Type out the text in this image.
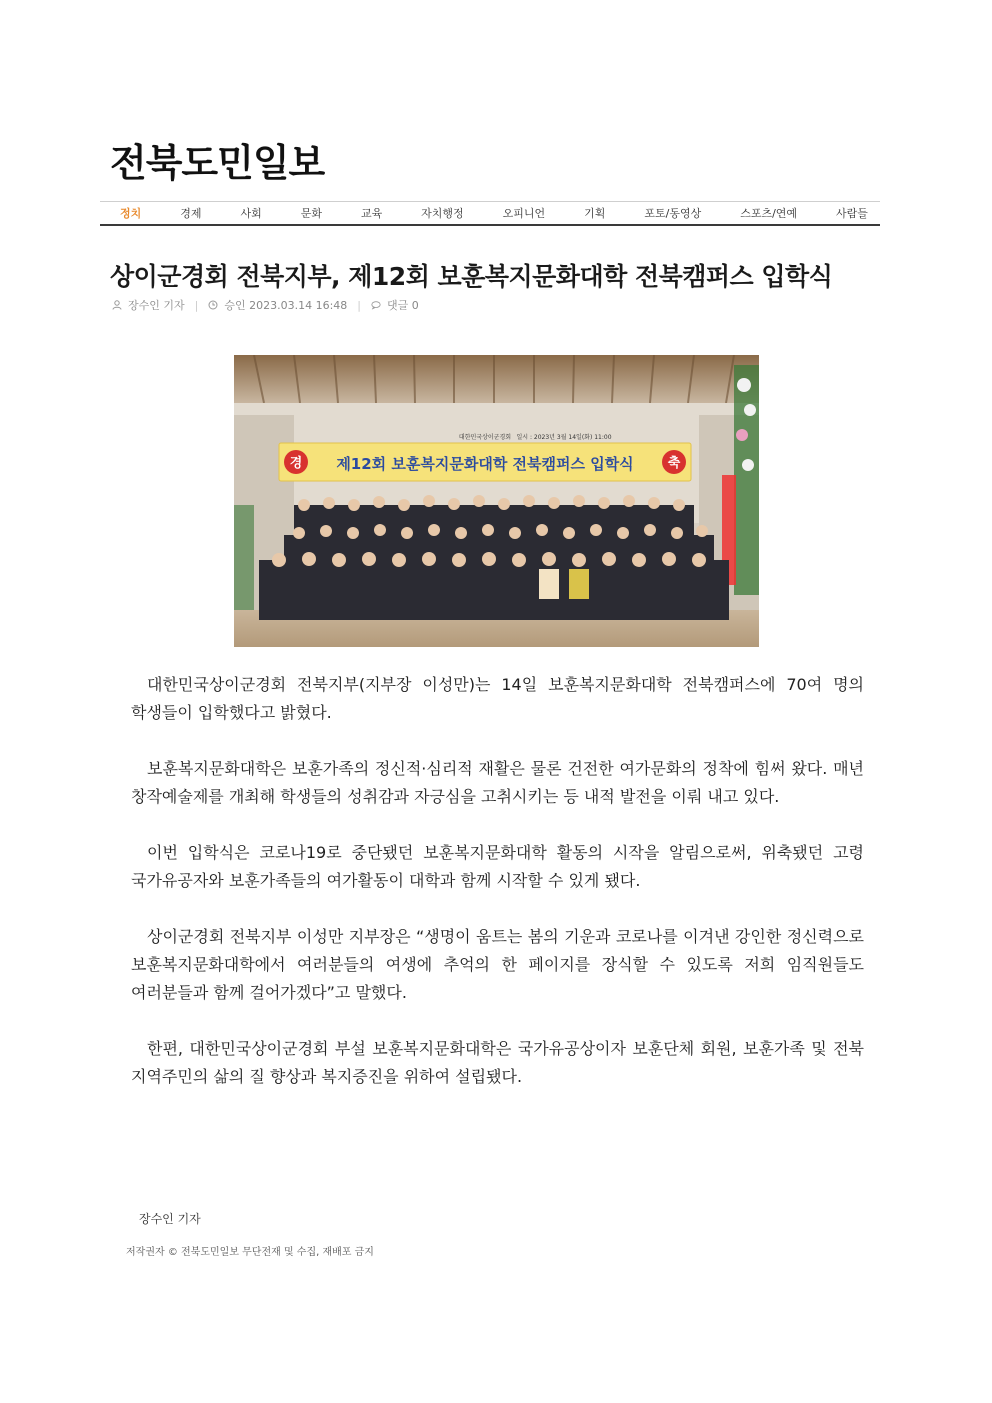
전북도민일보
정치	경제	사회	문화	교육	자치행정	오피니언	기획	포토/동영상	스포츠/연예	사람들
상이군경회 전북지부, 제12회 보훈복지문화대학 전북캠퍼스 입학식
장수인 기자 | 승인 2023.03.14 16:48 | 댓글 0
경	축
대한민국상이군경회 일시 : 2023년 3월 14일(화) 11:00
제12회 보훈복지문화대학 전북캠퍼스 입학식

대한민국상이군경회 전북지부(지부장 이성만)는 14일 보훈복지문화대학 전북캠퍼스에 70여 명의 학생들이 입학했다고 밝혔다.

보훈복지문화대학은 보훈가족의 정신적·심리적 재활은 물론 건전한 여가문화의 정착에 힘써 왔다. 매년 창작예술제를 개최해 학생들의 성취감과 자긍심을 고취시키는 등 내적 발전을 이뤄 내고 있다.

이번 입학식은 코로나19로 중단됐던 보훈복지문화대학 활동의 시작을 알림으로써, 위축됐던 고령 국가유공자와 보훈가족들의 여가활동이 대학과 함께 시작할 수 있게 됐다.

상이군경회 전북지부 이성만 지부장은 “생명이 움트는 봄의 기운과 코로나를 이겨낸 강인한 정신력으로 보훈복지문화대학에서 여러분들의 여생에 추억의 한 페이지를 장식할 수 있도록 저희 임직원들도 여러분들과 함께 걸어가겠다”고 말했다.

한편, 대한민국상이군경회 부설 보훈복지문화대학은 국가유공상이자 보훈단체 회원, 보훈가족 및 전북 지역주민의 삶의 질 향상과 복지증진을 위하여 설립됐다.

장수인 기자
저작권자 © 전북도민일보 무단전재 및 수집, 재배포 금지
